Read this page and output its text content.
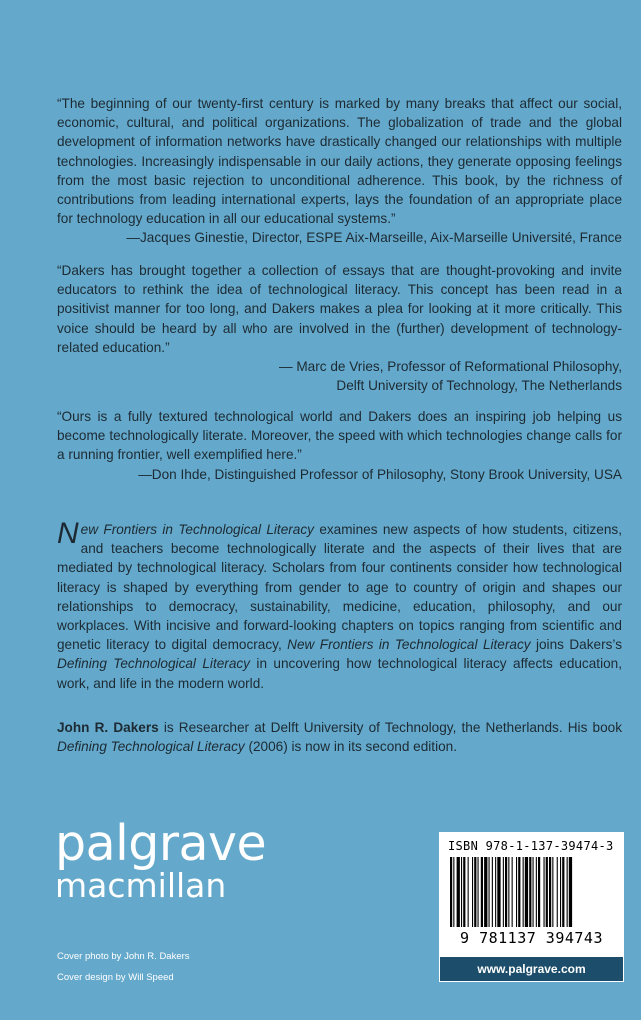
“The beginning of our twenty-first century is marked by many breaks that affect our social, economic, cultural, and political organizations. The globalization of trade and the global development of information networks have drastically changed our relationships with multiple technologies. Increasingly indispensable in our daily actions, they generate opposing feelings from the most basic rejection to unconditional adherence. This book, by the richness of contributions from leading international experts, lays the foundation of an appropriate place for technology education in all our educational systems.”

—Jacques Ginestie, Director, ESPE Aix-Marseille, Aix-Marseille Université, France

“Dakers has brought together a collection of essays that are thought-provoking and invite educators to rethink the idea of technological literacy. This concept has been read in a positivist manner for too long, and Dakers makes a plea for looking at it more critically. This voice should be heard by all who are involved in the (further) development of technology-related education.”

— Marc de Vries, Professor of Reformational Philosophy,
Delft University of Technology, The Netherlands

“Ours is a fully textured technological world and Dakers does an inspiring job helping us become technologically literate. Moreover, the speed with which technologies change calls for a running frontier, well exemplified here.”

—Don Ihde, Distinguished Professor of Philosophy, Stony Brook University, USA

New Frontiers in Technological Literacy examines new aspects of how students, citizens, and teachers become technologically literate and the aspects of their lives that are mediated by technological literacy. Scholars from four continents consider how technological literacy is shaped by everything from gender to age to country of origin and shapes our relationships to democracy, sustainability, medicine, education, philosophy, and our workplaces. With incisive and forward-looking chapters on topics ranging from scientific and genetic literacy to digital democracy, New Frontiers in Technological Literacy joins Dakers’s Defining Technological Literacy in uncovering how technological literacy affects education, work, and life in the modern world.

John R. Dakers is Researcher at Delft University of Technology, the Netherlands. His book Defining Technological Literacy (2006) is now in its second edition.

palgrave
macmillan
Cover photo by John R. Dakers
Cover design by Will Speed
ISBN 978-1-137-39474-3
9 781137 394743
www.palgrave.com
